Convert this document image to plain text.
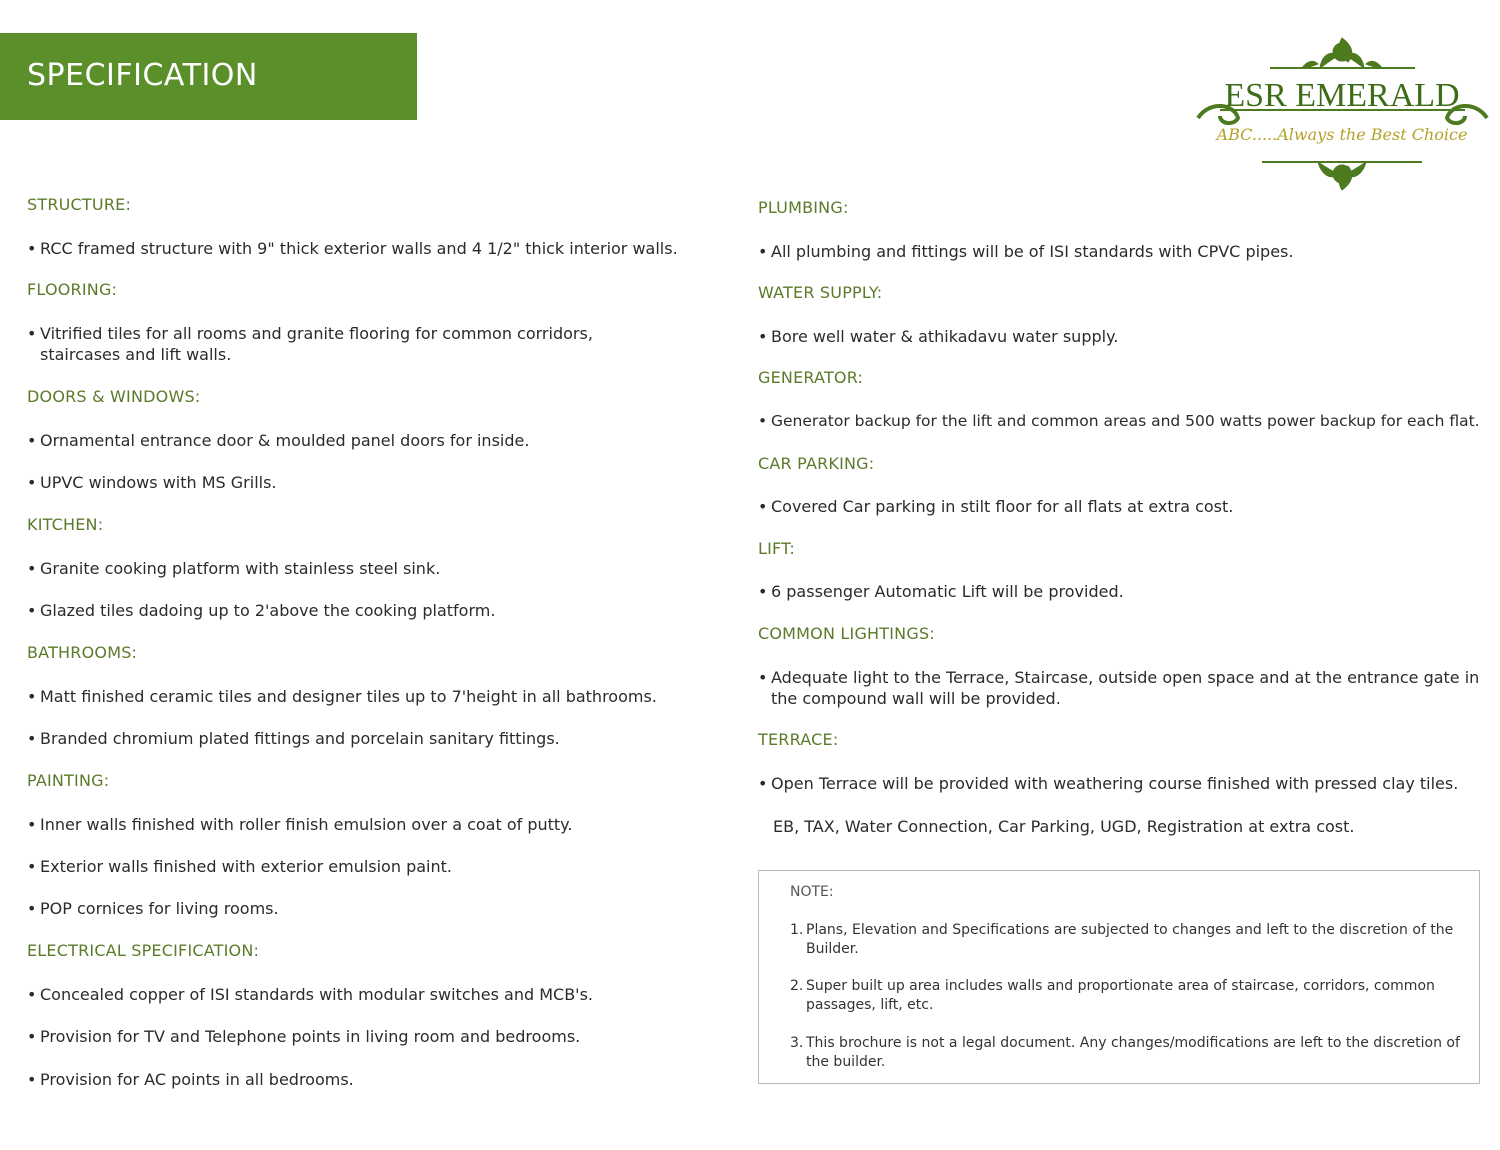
SPECIFICATION
ESR EMERALD
ABC.....Always the Best Choice
STRUCTURE:
• RCC framed structure with 9" thick exterior walls and 4 1/2" thick interior walls.
FLOORING:
• Vitrified tiles for all rooms and granite flooring for common corridors, staircases and lift walls.
DOORS & WINDOWS:
• Ornamental entrance door & moulded panel doors for inside.
• UPVC windows with MS Grills.
KITCHEN:
• Granite cooking platform with stainless steel sink.
• Glazed tiles dadoing up to 2'above the cooking platform.
BATHROOMS:
• Matt finished ceramic tiles and designer tiles up to 7'height in all bathrooms.
• Branded chromium plated fittings and porcelain sanitary fittings.
PAINTING:
• Inner walls finished with roller finish emulsion over a coat of putty.
• Exterior walls finished with exterior emulsion paint.
• POP cornices for living rooms.
ELECTRICAL SPECIFICATION:
• Concealed copper of ISI standards with modular switches and MCB's.
• Provision for TV and Telephone points in living room and bedrooms.
• Provision for AC points in all bedrooms.
PLUMBING:
• All plumbing and fittings will be of ISI standards with CPVC pipes.
WATER SUPPLY:
• Bore well water & athikadavu water supply.
GENERATOR:
• Generator backup for the lift and common areas and 500 watts power backup for each flat.
CAR PARKING:
• Covered Car parking in stilt floor for all flats at extra cost.
LIFT:
• 6 passenger Automatic Lift will be provided.
COMMON LIGHTINGS:
• Adequate light to the Terrace, Staircase, outside open space and at the entrance gate in the compound wall will be provided.
TERRACE:
• Open Terrace will be provided with weathering course finished with pressed clay tiles.
EB, TAX, Water Connection, Car Parking, UGD, Registration at extra cost.
NOTE:
1. Plans, Elevation and Specifications are subjected to changes and left to the discretion of the Builder.
2. Super built up area includes walls and proportionate area of staircase, corridors, common passages, lift, etc.
3. This brochure is not a legal document. Any changes/modifications are left to the discretion of the builder.
